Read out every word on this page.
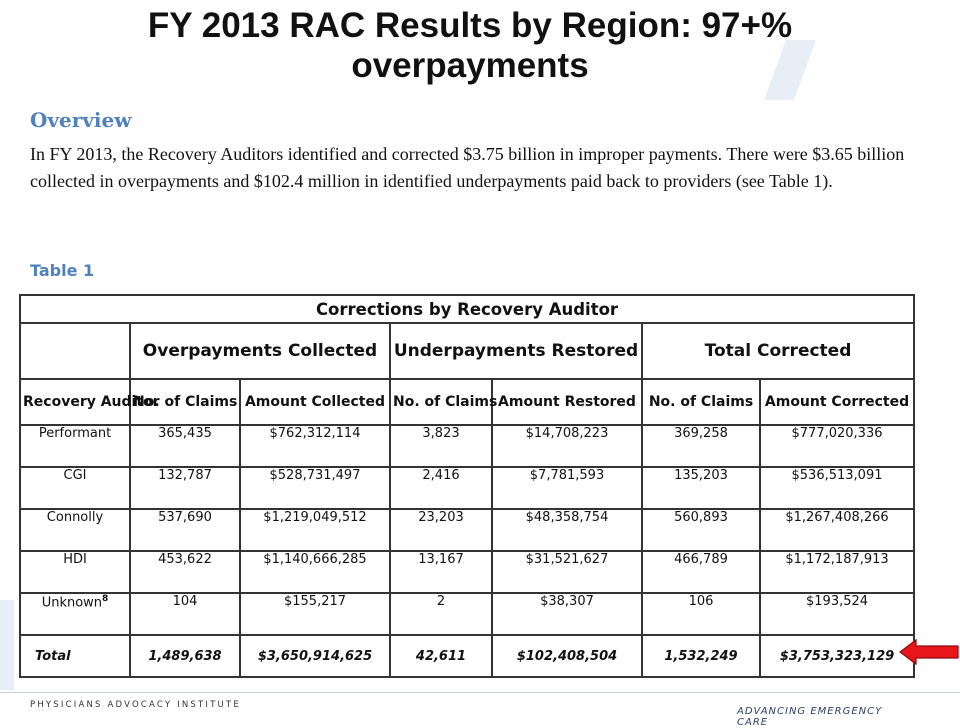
FY 2013 RAC Results by Region: 97+%
overpayments
Overview
In FY 2013, the Recovery Auditors identified and corrected $3.75 billion in improper payments. There were $3.65 billion collected in overpayments and $102.4 million in identified underpayments paid back to providers (see Table 1).
Table 1
Corrections by Recovery Auditor						
	Overpayments Collected		Underpayments Restored		Total Corrected	
Recovery Auditor	No. of Claims	Amount Collected	No. of Claims	Amount Restored	No. of Claims	Amount Corrected
Performant	365,435	$762,312,114	3,823	$14,708,223	369,258	$777,020,336
CGI	132,787	$528,731,497	2,416	$7,781,593	135,203	$536,513,091
Connolly	537,690	$1,219,049,512	23,203	$48,358,754	560,893	$1,267,408,266
HDI	453,622	$1,140,666,285	13,167	$31,521,627	466,789	$1,172,187,913
Unknown$^8$	104	$155,217	2	$38,307	106	$193,524
Total	1,489,638	$3,650,914,625	42,611	$102,408,504	1,532,249	$3,753,323,129
PHYSICIANS ADVOCACY INSTITUTE
ADVANCING EMERGENCY CARE
